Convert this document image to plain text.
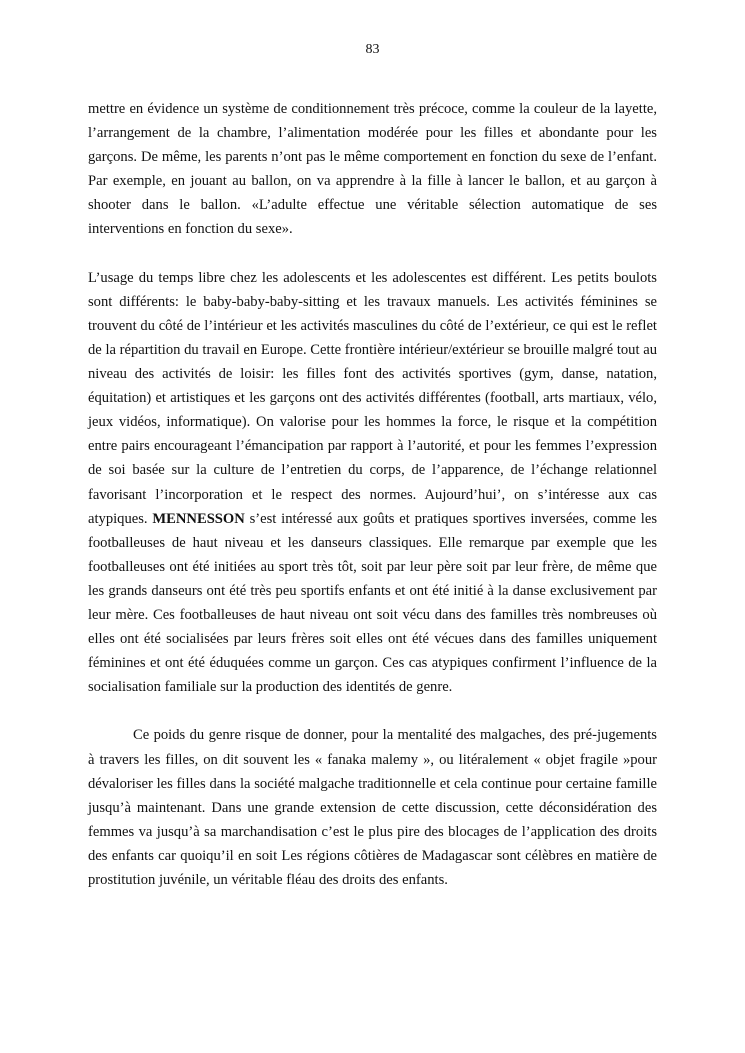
83

mettre en évidence un système de conditionnement très précoce, comme la couleur de la layette, l’arrangement de la chambre, l’alimentation modérée pour les filles et abondante pour les garçons. De même, les parents n’ont pas le même comportement en fonction du sexe de l’enfant. Par exemple, en jouant au ballon, on va apprendre à la fille à lancer le ballon, et au garçon à shooter dans le ballon. «L’adulte effectue une véritable sélection automatique de ses interventions en fonction du sexe».

L’usage du temps libre chez les adolescents et les adolescentes est différent. Les petits boulots sont différents: le baby-baby-baby-sitting et les travaux manuels. Les activités féminines se trouvent du côté de l’intérieur et les activités masculines du côté de l’extérieur, ce qui est le reflet de la répartition du travail en Europe. Cette frontière intérieur/extérieur se brouille malgré tout au niveau des activités de loisir: les filles font des activités sportives (gym, danse, natation, équitation) et artistiques et les garçons ont des activités différentes (football, arts martiaux, vélo, jeux vidéos, informatique). On valorise pour les hommes la force, le risque et la compétition entre pairs encourageant l’émancipation par rapport à l’autorité, et pour les femmes l’expression de soi basée sur la culture de l’entretien du corps, de l’apparence, de l’échange relationnel favorisant l’incorporation et le respect des normes. Aujourd’hui’, on s’intéresse aux cas atypiques. MENNESSON s’est intéressé aux goûts et pratiques sportives inversées, comme les footballeuses de haut niveau et les danseurs classiques. Elle remarque par exemple que les footballeuses ont été initiées au sport très tôt, soit par leur père soit par leur frère, de même que les grands danseurs ont été très peu sportifs enfants et ont été initié à la danse exclusivement par leur mère. Ces footballeuses de haut niveau ont soit vécu dans des familles très nombreuses où elles ont été socialisées par leurs frères soit elles ont été vécues dans des familles uniquement féminines et ont été éduquées comme un garçon. Ces cas atypiques confirment l’influence de la socialisation familiale sur la production des identités de genre.

Ce poids du genre risque de donner, pour la mentalité des malgaches, des pré-jugements à travers les filles, on dit souvent les « fanaka malemy », ou litéralement « objet fragile »pour dévaloriser les filles dans la société malgache traditionnelle et cela continue pour certaine famille jusqu’à maintenant. Dans une grande extension de cette discussion, cette déconsidération des femmes va jusqu’à sa marchandisation c’est le plus pire des blocages de l’application des droits des enfants car quoiqu’il en soit Les régions côtières de Madagascar sont célèbres en matière de prostitution juvénile, un véritable fléau des droits des enfants.
